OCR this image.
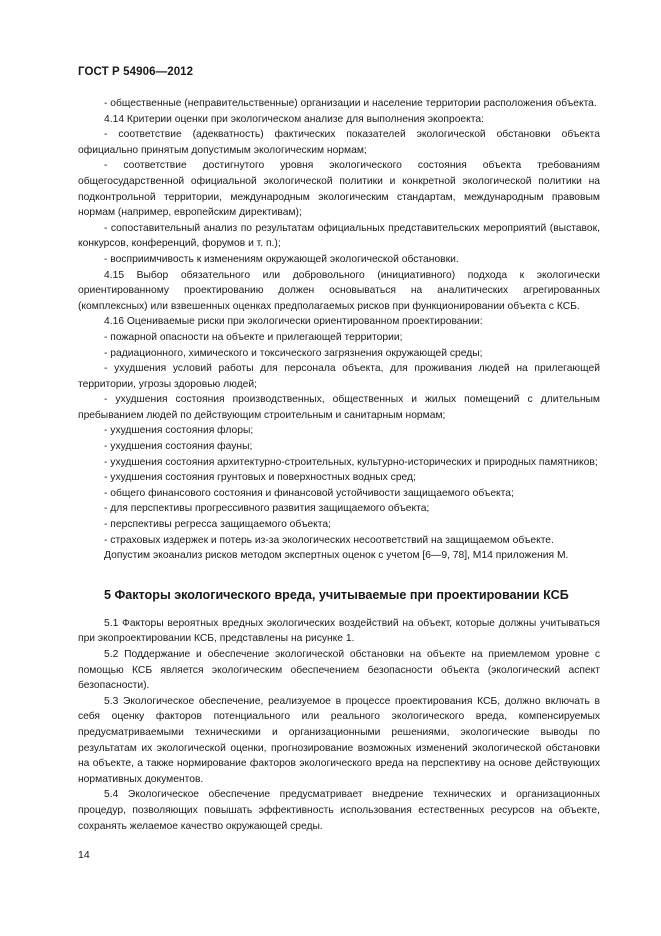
ГОСТ Р 54906—2012

- общественные (неправительственные) организации и население территории расположения объекта.

4.14 Критерии оценки при экологическом анализе для выполнения экопроекта:

- соответствие (адекватность) фактических показателей экологической обстановки объекта официально принятым допустимым экологическим нормам;

- соответствие достигнутого уровня экологического состояния объекта требованиям общегосударственной официальной экологической политики и конкретной экологической политики на подконтрольной территории, международным экологическим стандартам, международным правовым нормам (например, европейским директивам);

- сопоставительный анализ по результатам официальных представительских мероприятий (выставок, конкурсов, конференций, форумов и т. п.);

- восприимчивость к изменениям окружающей экологической обстановки.

4.15 Выбор обязательного или добровольного (инициативного) подхода к экологически ориентированному проектированию должен основываться на аналитических агрегированных (комплексных) или взвешенных оценках предполагаемых рисков при функционировании объекта с КСБ.

4.16 Оцениваемые риски при экологически ориентированном проектировании:

- пожарной опасности на объекте и прилегающей территории;

- радиационного, химического и токсического загрязнения окружающей среды;

- ухудшения условий работы для персонала объекта, для проживания людей на прилегающей территории, угрозы здоровью людей;

- ухудшения состояния производственных, общественных и жилых помещений с длительным пребыванием людей по действующим строительным и санитарным нормам;

- ухудшения состояния флоры;

- ухудшения состояния фауны;

- ухудшения состояния архитектурно-строительных, культурно-исторических и природных памятников;

- ухудшения состояния грунтовых и поверхностных водных сред;

- общего финансового состояния и финансовой устойчивости защищаемого объекта;

- для перспективы прогрессивного развития защищаемого объекта;

- перспективы регресса защищаемого объекта;

- страховых издержек и потерь из-за экологических несоответствий на защищаемом объекте.

Допустим экоанализ рисков методом экспертных оценок с учетом [6—9, 78], М14 приложения М.

5 Факторы экологического вреда, учитываемые при проектировании КСБ

5.1 Факторы вероятных вредных экологических воздействий на объект, которые должны учитываться при экопроектировании КСБ, представлены на рисунке 1.

5.2 Поддержание и обеспечение экологической обстановки на объекте на приемлемом уровне с помощью КСБ является экологическим обеспечением безопасности объекта (экологический аспект безопасности).

5.3 Экологическое обеспечение, реализуемое в процессе проектирования КСБ, должно включать в себя оценку факторов потенциального или реального экологического вреда, компенсируемых предусматриваемыми техническими и организационными решениями, экологические выводы по результатам их экологической оценки, прогнозирование возможных изменений экологической обстановки на объекте, а также нормирование факторов экологического вреда на перспективу на основе действующих нормативных документов.

5.4 Экологическое обеспечение предусматривает внедрение технических и организационных процедур, позволяющих повышать эффективность использования естественных ресурсов на объекте, сохранять желаемое качество окружающей среды.

14
